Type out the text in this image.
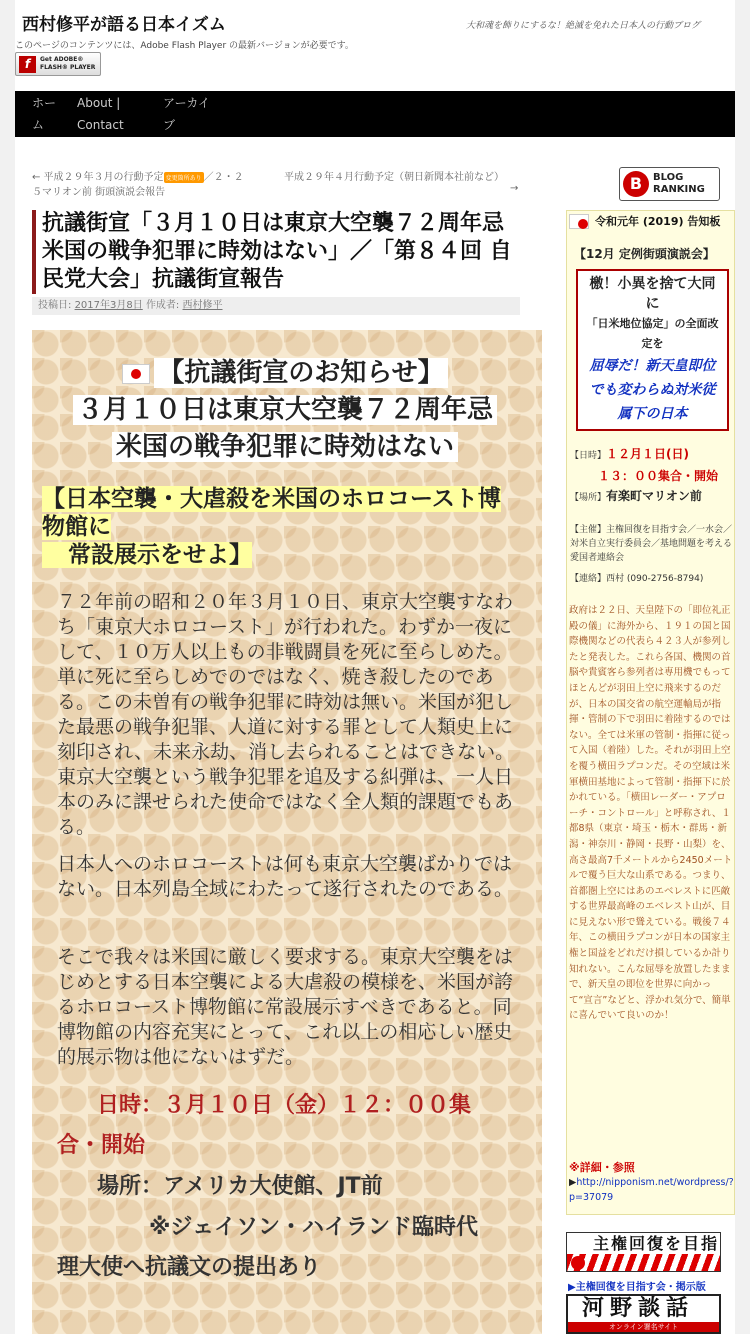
西村修平が語る日本イズム	大和魂を飾りにするな！絶滅を免れた日本人の行動ブログ
このページのコンテンツには、Adobe Flash Player の最新バージョンが必要です。
f	Get ADOBE®
FLASH® PLAYER
ホー
ム
About |
Contact
アーカイ
ブ
← 平成２９年３月の行動予定 変更箇所あり ／２・２
５マリオン前 街頭演説会報告
平成２９年４月行動予定（朝日新聞本社前など）
→	B	BLOG
RANKING
抗議街宣「３月１０日は東京大空襲７２周年忌　米国の戦争犯罪に時効はない」／「第８４回 自民党大会」抗議街宣報告
投稿日: 2017年3月8日 作成者: 西村修平
【抗議街宣のお知らせ】
３月１０日は東京大空襲７２周年忌
米国の戦争犯罪に時効はない
【日本空襲・大虐殺を米国のホロコースト博物館に
常設展示をせよ】

７２年前の昭和２０年３月１０日、東京大空襲すなわち「東京大ホロコースト」が行われた。わずか一夜にして、１０万人以上もの非戦闘員を死に至らしめた。単に死に至らしめでのではなく、焼き殺したのである。この未曽有の戦争犯罪に時効は無い。米国が犯した最悪の戦争犯罪、人道に対する罪として人類史上に刻印され、未来永劫、消し去られることはできない。東京大空襲という戦争犯罪を追及する糾弾は、一人日本のみに課せられた使命ではなく全人類的課題でもある。

日本人へのホロコーストは何も東京大空襲ばかりではない。日本列島全域にわたって遂行されたのである。

そこで我々は米国に厳しく要求する。東京大空襲をはじめとする日本空襲による大虐殺の模様を、米国が誇るホロコースト博物館に常設展示すべきであると。同博物館の内容充実にとって、これ以上の相応しい歴史的展示物は他にないはずだ。

日時：３月１０日（金）１２：００集
合・開始
場所：アメリカ大使館、JT前
※ジェイソン・ハイランド臨時代
理大使へ抗議文の提出あり
令和元年 (2019) 告知板
【12月 定例街頭演説会】
檄！小異を捨て大同
に
「日米地位協定」の全面改
定を
屈辱だ！新天皇即位
でも変わらぬ対米従
属下の日本
【日時】１２月１日(日)
１３：００集合・開始
【場所】有楽町マリオン前
【主催】主権回復を目指す会／一水会／対米自立実行委員会／基地問題を考える愛国者連絡会
【連絡】西村 (090-2756-8794)
政府は２２日、天皇陛下の「即位礼正殿の儀」に海外から、１９１の国と国際機関などの代表ら４２３人が参列したと発表した。これら各国、機関の首脳や貴賓客ら参列者は専用機でもってほとんどが羽田上空に飛来するのだが、日本の国交省の航空運輸局が指揮・管制の下で羽田に着陸するのではない。全ては米軍の管制・指揮に従って入国（着陸）した。それが羽田上空を覆う横田ラプコンだ。その空域は米軍横田基地によって管制・指揮下に於かれている。「横田レーダー・アプローチ・コントロール」と呼称され、１都8県（東京・埼玉・栃木・群馬・新潟・神奈川・静岡・長野・山梨）を、高さ最高7千メートルから2450メートルで覆う巨大な山系である。つまり、首都圏上空にはあのエベレストに匹敵する世界最高峰のエベレスト山が、目に見えない形で聳えている。戦後７４年、この横田ラプコンが日本の国家主権と国益をどれだけ損しているか計り知れない。こんな屈辱を放置したままで、新天皇の即位を世界に向かって“宣言”などと、浮かれ気分で、簡単に喜んでいて良いのか！
※詳細・参照
▶http://nipponism.net/wordpress/?p=37079
主権回復を目指
▶主権回復を目指す会・掲示版
河野談話
オンライン署名サイト
